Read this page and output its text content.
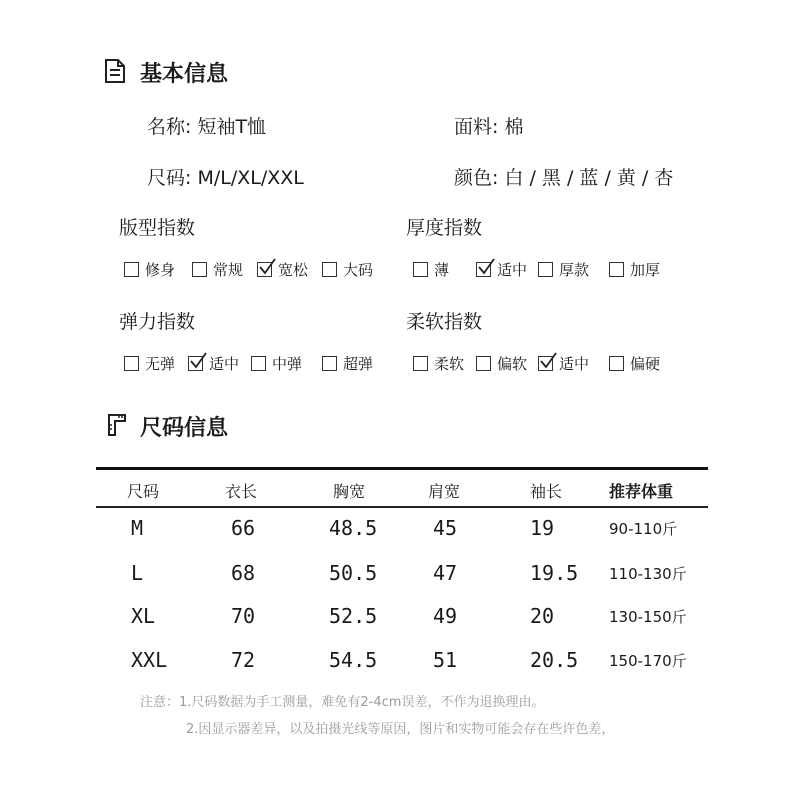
基本信息
名称: 短袖T恤	面料: 棉
尺码: M/L/XL/XXL	颜色: 白 / 黑 / 蓝 / 黄 / 杏
版型指数	厚度指数
弹力指数	柔软指数
修身	常规 宽松 大码	薄	适中 厚款	加厚
无弹 适中 中弹	超弹	柔软 偏软 适中	偏硬
尺码信息
尺码	衣长	胸宽	肩宽	袖长	推荐体重
M	66	48.5	45	19	90-110斤
L	68	50.5	47	19.5 110-130斤
XL	70	52.5	49	20	130-150斤
XXL	72	54.5	51	20.5 150-170斤
注意：1.尺码数据为手工测量，难免有2-4cm误差，不作为退换理由。
2.因显示器差异，以及拍摄光线等原因，图片和实物可能会存在些许色差，
